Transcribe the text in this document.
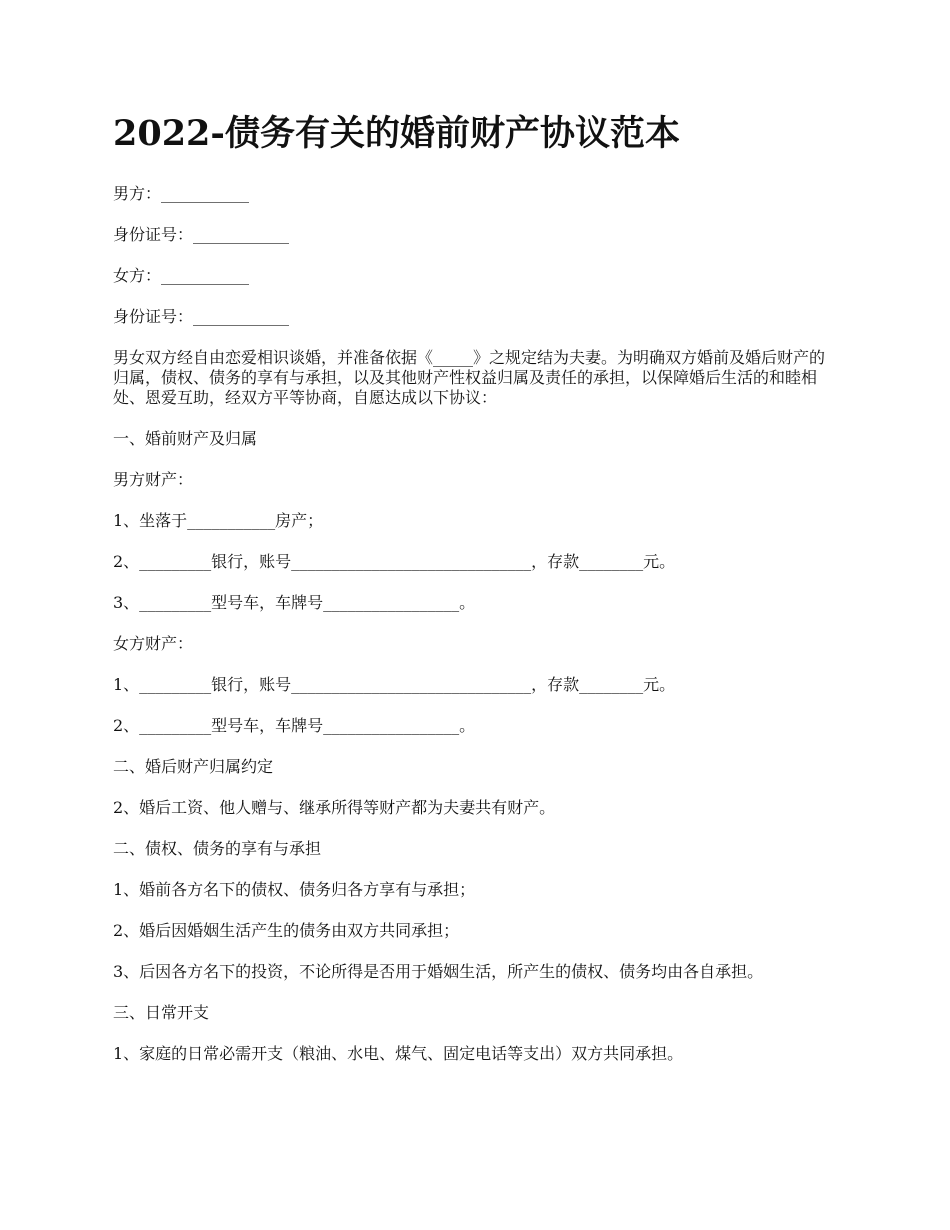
2022-债务有关的婚前财产协议范本
男方：___________
身份证号：____________
女方：___________
身份证号：____________
男女双方经自由恋爱相识谈婚，并准备依据《_____》之规定结为夫妻。为明确双方婚前及婚后财产的归属，债权、债务的享有与承担，以及其他财产性权益归属及责任的承担，以保障婚后生活的和睦相处、恩爱互助，经双方平等协商，自愿达成以下协议：
一、婚前财产及归属
男方财产：
1、坐落于___________房产；
2、_________银行，账号______________________________，存款________元。
3、_________型号车，车牌号_________________。
女方财产：
1、_________银行，账号______________________________，存款________元。
2、_________型号车，车牌号_________________。
二、婚后财产归属约定
2、婚后工资、他人赠与、继承所得等财产都为夫妻共有财产。
二、债权、债务的享有与承担
1、婚前各方名下的债权、债务归各方享有与承担；
2、婚后因婚姻生活产生的债务由双方共同承担；
3、后因各方名下的投资，不论所得是否用于婚姻生活，所产生的债权、债务均由各自承担。
三、日常开支
1、家庭的日常必需开支（粮油、水电、煤气、固定电话等支出）双方共同承担。
